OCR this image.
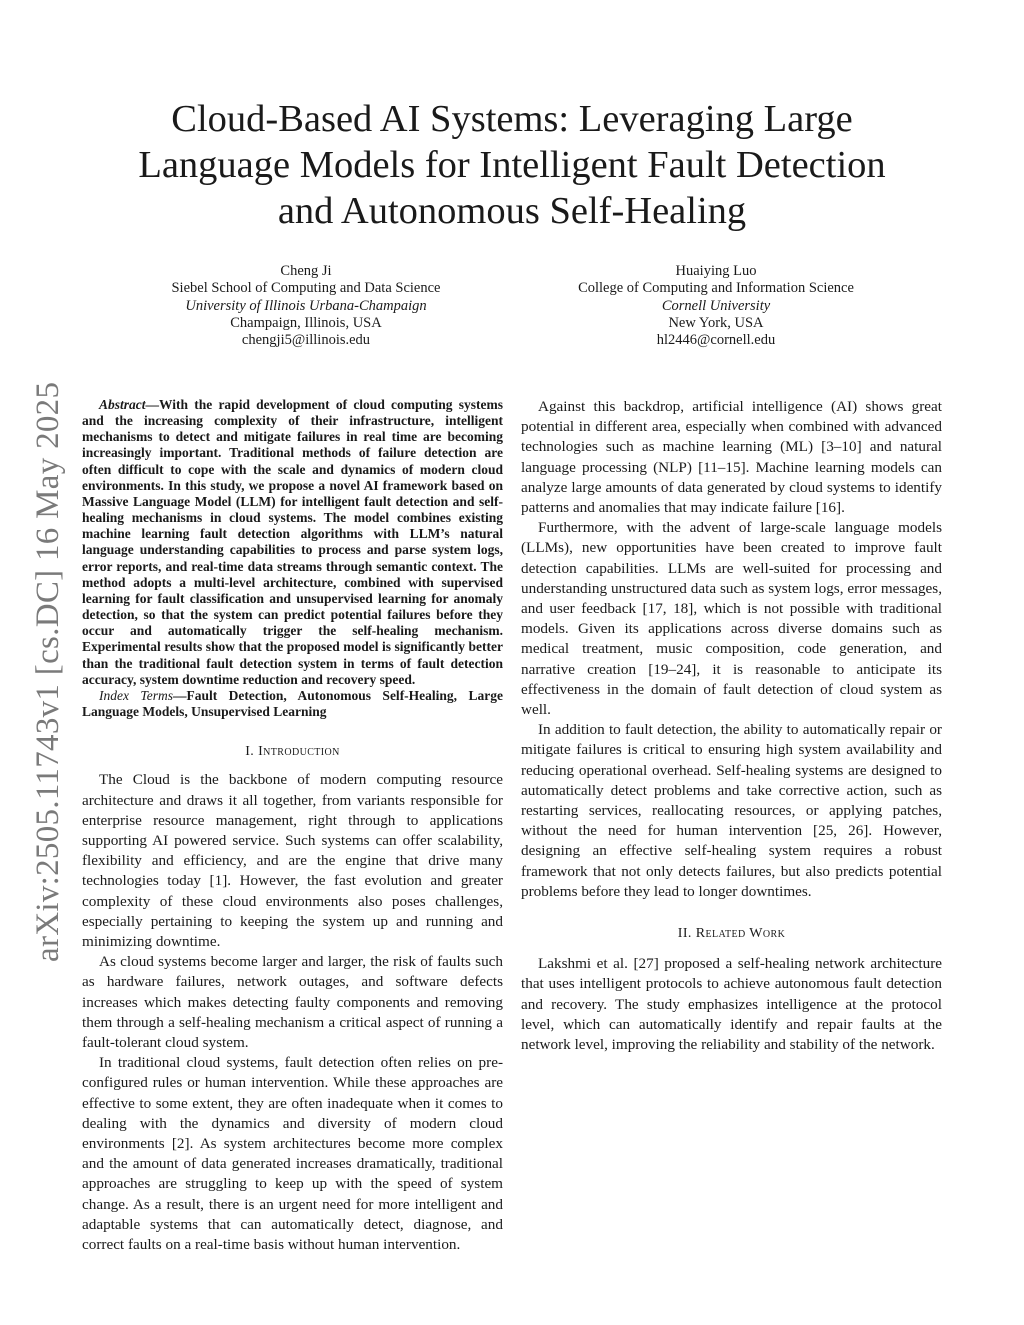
arXiv:2505.11743v1 [cs.DC] 16 May 2025
Cloud-Based AI Systems: Leveraging Large
Language Models for Intelligent Fault Detection
and Autonomous Self-Healing
Cheng Ji
Siebel School of Computing and Data Science
University of Illinois Urbana-Champaign
Champaign, Illinois, USA
chengji5@illinois.edu
Huaiying Luo
College of Computing and Information Science
Cornell University
New York, USA
hl2446@cornell.edu

Abstract—With the rapid development of cloud computing systems and the increasing complexity of their infrastructure, intelligent mechanisms to detect and mitigate failures in real time are becoming increasingly important. Traditional methods of failure detection are often difficult to cope with the scale and dynamics of modern cloud environments. In this study, we propose a novel AI framework based on Massive Language Model (LLM) for intelligent fault detection and self-healing mechanisms in cloud systems. The model combines existing machine learning fault detection algorithms with LLM’s natural language understanding capabilities to process and parse system logs, error reports, and real-time data streams through semantic context. The method adopts a multi-level architecture, combined with supervised learning for fault classification and unsupervised learning for anomaly detection, so that the system can predict potential failures before they occur and automatically trigger the self-healing mechanism. Experimental results show that the proposed model is significantly better than the traditional fault detection system in terms of fault detection accuracy, system downtime reduction and recovery speed.

Index Terms—Fault Detection, Autonomous Self-Healing, Large Language Models, Unsupervised Learning

I. Introduction

The Cloud is the backbone of modern computing resource architecture and draws it all together, from variants responsible for enterprise resource management, right through to applications supporting AI powered service. Such systems can offer scalability, flexibility and efficiency, and are the engine that drive many technologies today [1]. However, the fast evolution and greater complexity of these cloud environments also poses challenges, especially pertaining to keeping the system up and running and minimizing downtime.

As cloud systems become larger and larger, the risk of faults such as hardware failures, network outages, and software defects increases which makes detecting faulty components and removing them through a self-healing mechanism a critical aspect of running a fault-tolerant cloud system.

In traditional cloud systems, fault detection often relies on pre-configured rules or human intervention. While these approaches are effective to some extent, they are often inadequate when it comes to dealing with the dynamics and diversity of modern cloud environments [2]. As system architectures become more complex and the amount of data generated increases dramatically, traditional approaches are struggling to keep up with the speed of system change. As a result, there is an urgent need for more intelligent and adaptable systems that can automatically detect, diagnose, and correct faults on a real-time basis without human intervention.

Against this backdrop, artificial intelligence (AI) shows great potential in different area, especially when combined with advanced technologies such as machine learning (ML) [3–10] and natural language processing (NLP) [11–15]. Machine learning models can analyze large amounts of data generated by cloud systems to identify patterns and anomalies that may indicate failure [16].

Furthermore, with the advent of large-scale language models (LLMs), new opportunities have been created to improve fault detection capabilities. LLMs are well-suited for processing and understanding unstructured data such as system logs, error messages, and user feedback [17, 18], which is not possible with traditional models. Given its applications across diverse domains such as medical treatment, music composition, code generation, and narrative creation [19–24], it is reasonable to anticipate its effectiveness in the domain of fault detection of cloud system as well.

In addition to fault detection, the ability to automatically repair or mitigate failures is critical to ensuring high system availability and reducing operational overhead. Self-healing systems are designed to automatically detect problems and take corrective action, such as restarting services, reallocating resources, or applying patches, without the need for human intervention [25, 26]. However, designing an effective self-healing system requires a robust framework that not only detects failures, but also predicts potential problems before they lead to longer downtimes.

II. Related Work

Lakshmi et al. [27] proposed a self-healing network architecture that uses intelligent protocols to achieve autonomous fault detection and recovery. The study emphasizes intelligence at the protocol level, which can automatically identify and repair faults at the network level, improving the reliability and stability of the network.
